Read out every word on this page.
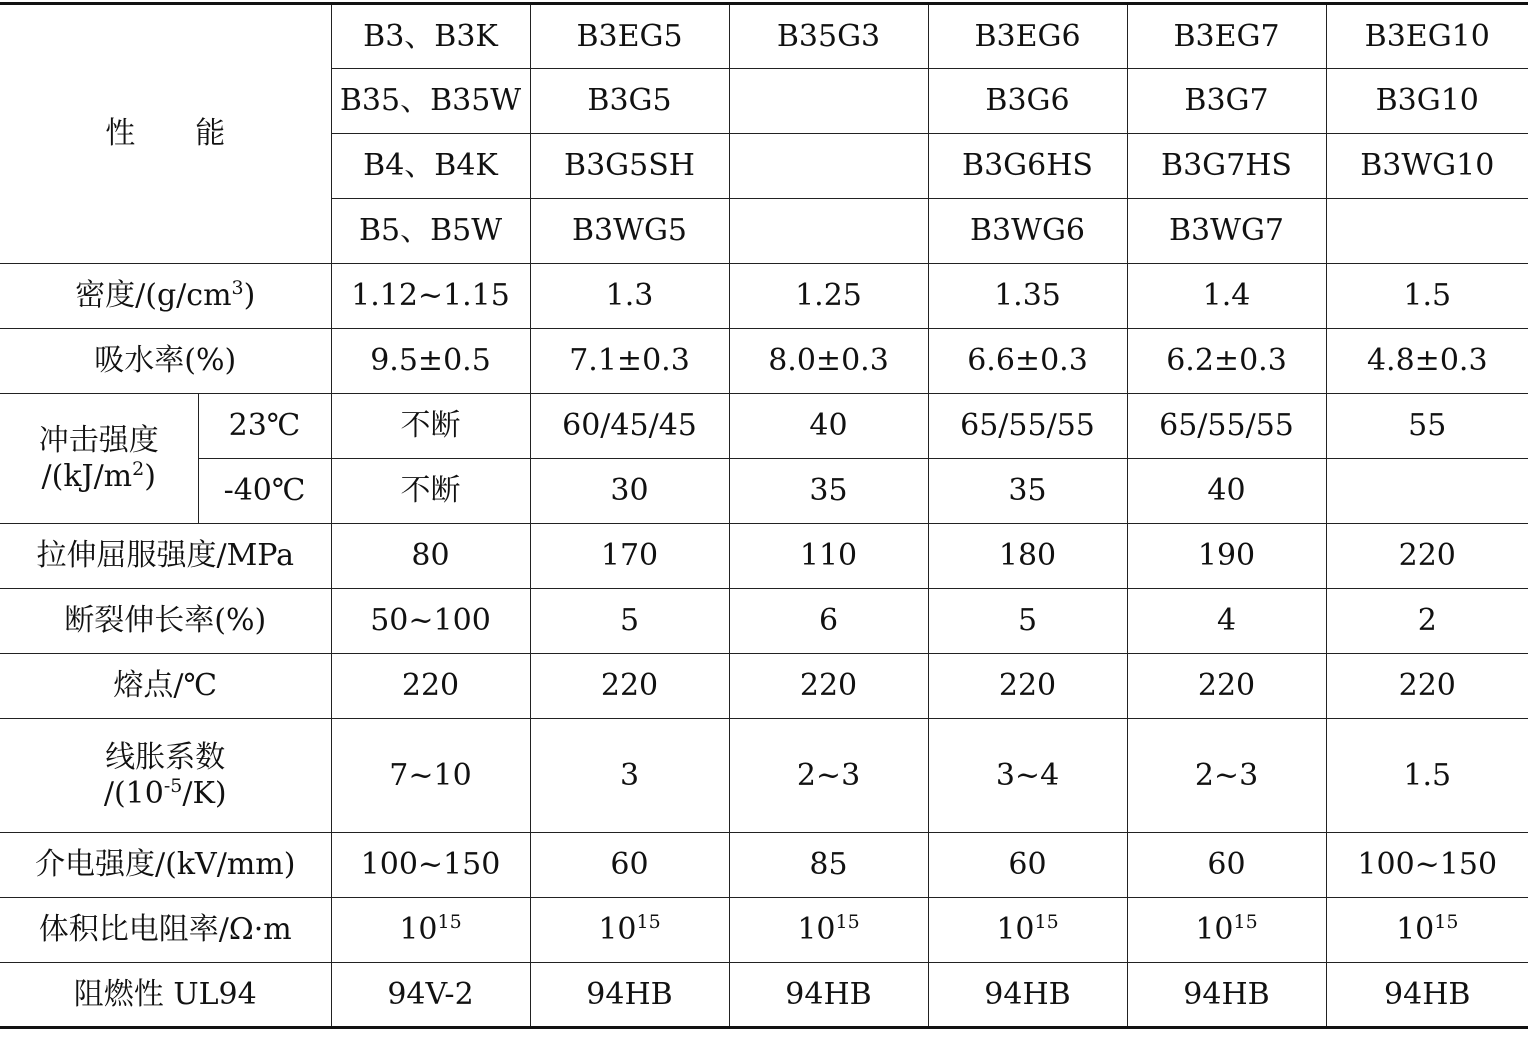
性能		B3、B3K	B3EG5	B35G3	B3EG6	B3EG7	B3EG10
		B35、B35W	B3G5		B3G6	B3G7	B3G10
		B4、B4K	B3G5SH		B3G6HS	B3G7HS	B3WG10
		B5、B5W	B3WG5		B3WG6	B3WG7	
密度$/(g/cm^3)$		1.12~1.15	1.3	1.25	1.35	1.4	1.5
吸水率(%)		9.5±0.5	7.1±0.3	8.0±0.3	6.6±0.3	6.2±0.3	4.8±0.3

冲击强度
$/(kJ/m^2)$	23℃	不断	60/45/45	40	65/55/55	65/55/55	55
	-40℃	不断	30	35	35	40	
拉伸屈服强度/MPa		80	170	110	180	190	220
断裂伸长率(%)		50~100	5	6	5	4	2
熔点/℃		220	220	220	220	220	220

线胀系数
$/(10^{-5}/K)$		7~10	3	2~3	3~4	2~3	1.5
介电强度/(kV/mm)		100~150	60	85	60	60	100~150
体积比电阻率/Ω·m		$10^{15}$	$10^{15}$	$10^{15}$	$10^{15}$	$10^{15}$	$10^{15}$
阻燃性 UL94		94V-2	94HB	94HB	94HB	94HB	94HB
